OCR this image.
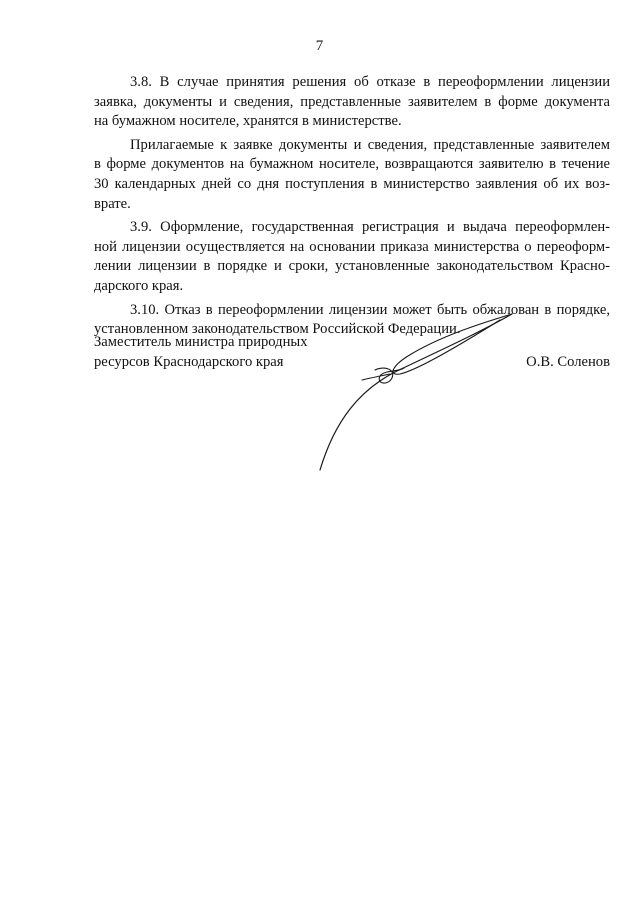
7

3.8. В случае принятия решения об отказе в переоформлении лицензии
заявка, документы и сведения, представленные заявителем в форме документа
на бумажном носителе, хранятся в министерстве.

Прилагаемые к заявке документы и сведения, представленные заявителем
в форме документов на бумажном носителе, возвращаются заявителю в течение
30 календарных дней со дня поступления в министерство заявления об их воз-
врате.

3.9. Оформление, государственная регистрация и выдача переоформлен-
ной лицензии осуществляется на основании приказа министерства о переоформ-
лении лицензии в порядке и сроки, установленные законодательством Красно-
дарского края.

3.10. Отказ в переоформлении лицензии может быть обжалован в порядке,
установленном законодательством Российской Федерации.

Заместитель министра природных
ресурсов Краснодарского края	О.В. Соленов
